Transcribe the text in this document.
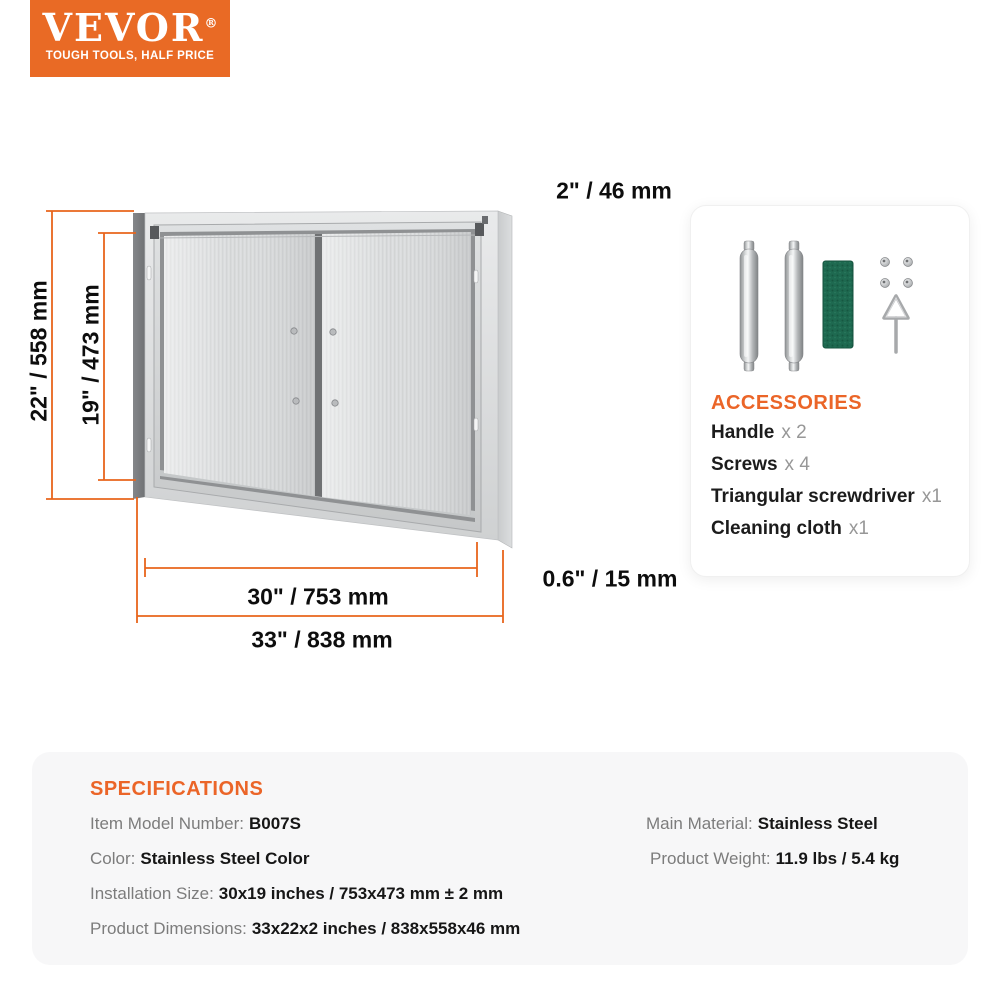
VEVOR®
TOUGH TOOLS, HALF PRICE
22" / 558 mm 19" / 473 mm
30" / 753 mm
33" / 838 mm
2" / 46 mm
0.6" / 15 mm
ACCESSORIES
Handle x 2
Screws x 4
Triangular screwdriver x1
Cleaning cloth x1
SPECIFICATIONS
Item Model Number: B007S
Color: Stainless Steel Color
Installation Size: 30x19 inches / 753x473 mm ± 2 mm
Product Dimensions: 33x22x2 inches / 838x558x46 mm
Main Material: Stainless Steel
Product Weight: 11.9 lbs / 5.4 kg
